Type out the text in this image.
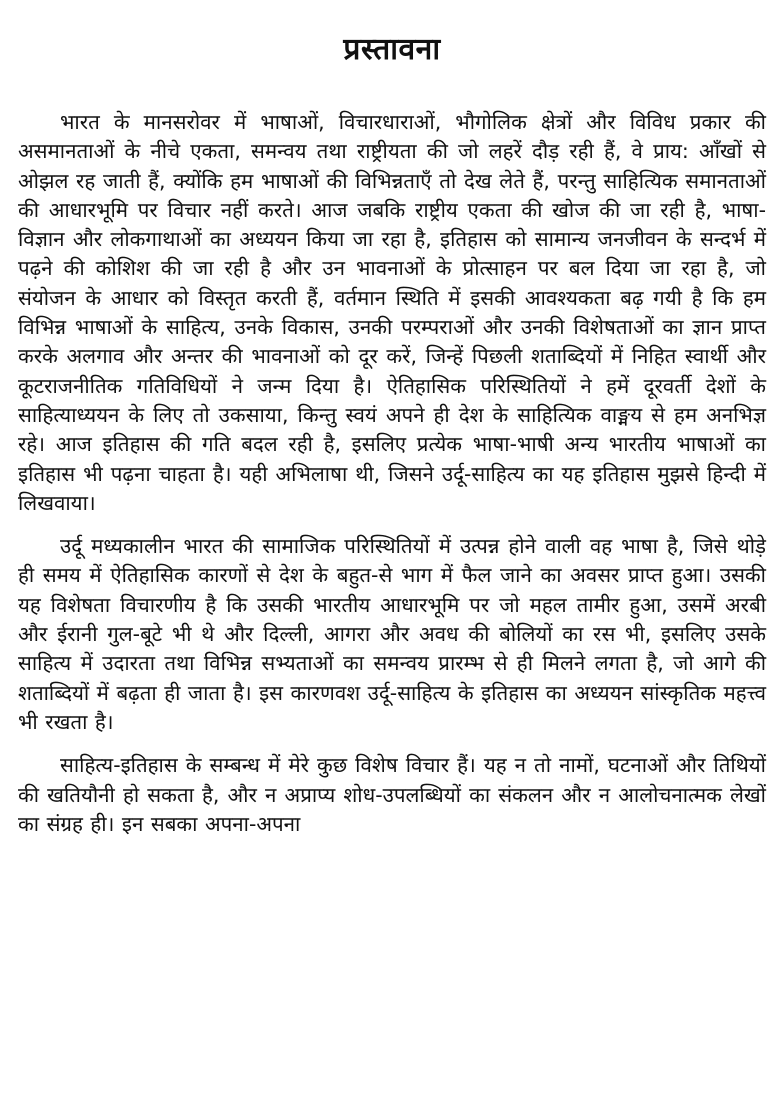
प्रस्तावना

भारत के मानसरोवर में भाषाओं, विचारधाराओं, भौगोलिक क्षेत्रों और विविध प्रकार की असमानताओं के नीचे एकता, समन्वय तथा राष्ट्रीयता की जो लहरें दौड़ रही हैं, वे प्राय: आँखों से ओझल रह जाती हैं, क्योंकि हम भाषाओं की विभिन्नताएँ तो देख लेते हैं, परन्तु साहित्यिक समानताओं की आधारभूमि पर विचार नहीं करते। आज जबकि राष्ट्रीय एकता की खोज की जा रही है, भाषा-विज्ञान और लोकगाथाओं का अध्ययन किया जा रहा है, इतिहास को सामान्य जनजीवन के सन्दर्भ में पढ़ने की कोशिश की जा रही है और उन भावनाओं के प्रोत्साहन पर बल दिया जा रहा है, जो संयोजन के आधार को विस्तृत करती हैं, वर्तमान स्थिति में इसकी आवश्यकता बढ़ गयी है कि हम विभिन्न भाषाओं के साहित्य, उनके विकास, उनकी परम्पराओं और उनकी विशेषताओं का ज्ञान प्राप्त करके अलगाव और अन्तर की भावनाओं को दूर करें, जिन्हें पिछली शताब्दियों में निहित स्वार्थी और कूटराजनीतिक गतिविधियों ने जन्म दिया है। ऐतिहासिक परिस्थितियों ने हमें दूरवर्ती देशों के साहित्याध्ययन के लिए तो उकसाया, किन्तु स्वयं अपने ही देश के साहित्यिक वाङ्मय से हम अनभिज्ञ रहे। आज इतिहास की गति बदल रही है, इसलिए प्रत्येक भाषा-भाषी अन्य भारतीय भाषाओं का इतिहास भी पढ़ना चाहता है। यही अभिलाषा थी, जिसने उर्दू-साहित्य का यह इतिहास मुझसे हिन्दी में लिखवाया।

उर्दू मध्यकालीन भारत की सामाजिक परिस्थितियों में उत्पन्न होने वाली वह भाषा है, जिसे थोड़े ही समय में ऐतिहासिक कारणों से देश के बहुत-से भाग में फैल जाने का अवसर प्राप्त हुआ। उसकी यह विशेषता विचारणीय है कि उसकी भारतीय आधारभूमि पर जो महल तामीर हुआ, उसमें अरबी और ईरानी गुल-बूटे भी थे और दिल्ली, आगरा और अवध की बोलियों का रस भी, इसलिए उसके साहित्य में उदारता तथा विभिन्न सभ्यताओं का समन्वय प्रारम्भ से ही मिलने लगता है, जो आगे की शताब्दियों में बढ़ता ही जाता है। इस कारणवश उर्दू-साहित्य के इतिहास का अध्ययन सांस्कृतिक महत्त्व भी रखता है।

साहित्य-इतिहास के सम्बन्ध में मेरे कुछ विशेष विचार हैं। यह न तो नामों, घटनाओं और तिथियों की खतियौनी हो सकता है, और न अप्राप्य शोध-उपलब्धियों का संकलन और न आलोचनात्मक लेखों का संग्रह ही। इन सबका अपना-अपना
